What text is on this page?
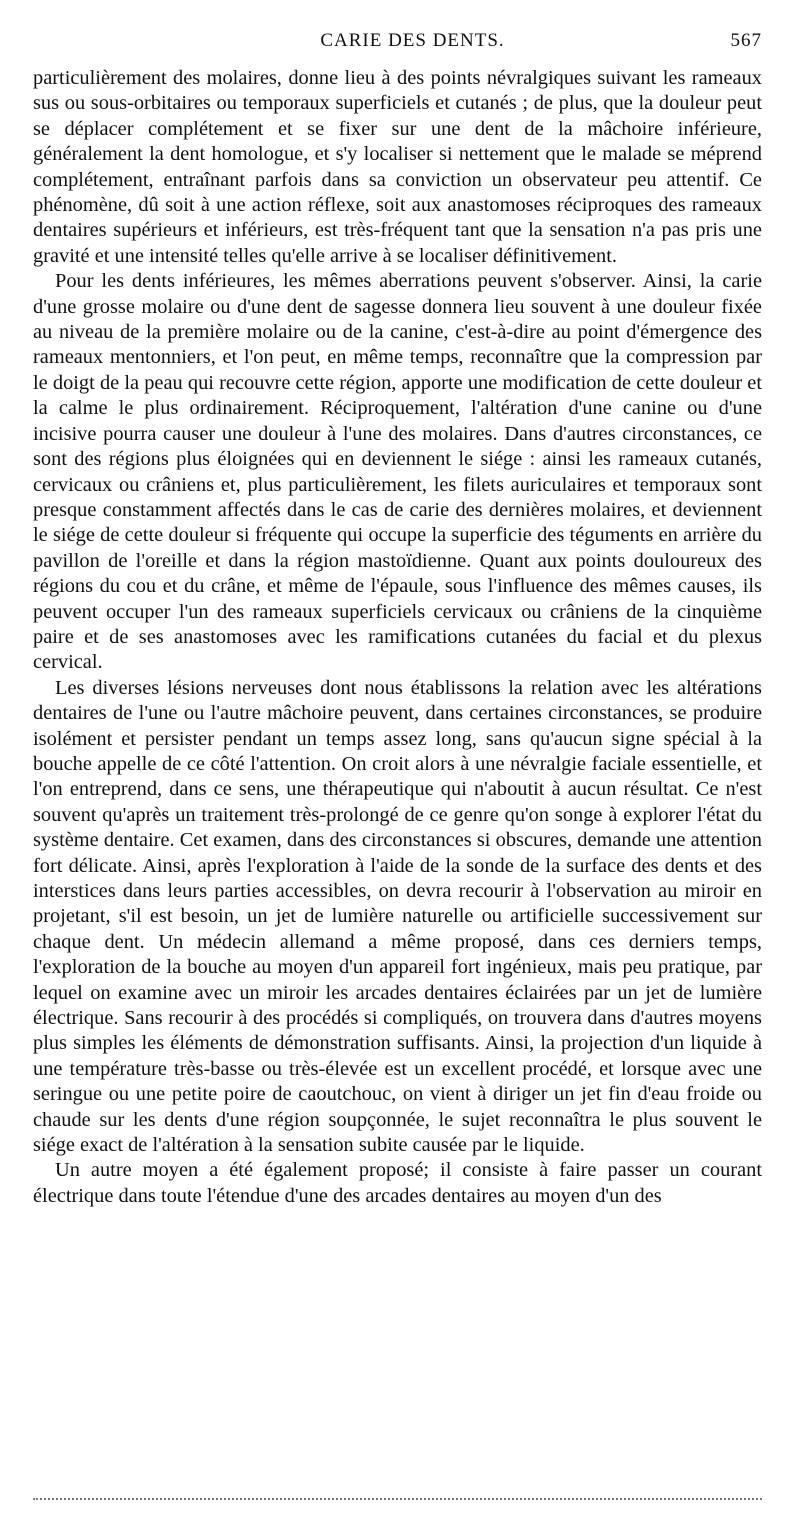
CARIE DES DENTS.	567

particulièrement des molaires, donne lieu à des points névralgiques suivant les rameaux sus ou sous-orbitaires ou temporaux superficiels et cutanés ; de plus, que la douleur peut se déplacer complétement et se fixer sur une dent de la mâchoire inférieure, généralement la dent homologue, et s'y localiser si nettement que le malade se méprend complétement, entraînant parfois dans sa conviction un observateur peu attentif. Ce phénomène, dû soit à une action réflexe, soit aux anastomoses réciproques des rameaux dentaires supérieurs et inférieurs, est très-fréquent tant que la sensation n'a pas pris une gravité et une intensité telles qu'elle arrive à se localiser définitivement.

Pour les dents inférieures, les mêmes aberrations peuvent s'observer. Ainsi, la carie d'une grosse molaire ou d'une dent de sagesse donnera lieu souvent à une douleur fixée au niveau de la première molaire ou de la canine, c'est-à-dire au point d'émergence des rameaux mentonniers, et l'on peut, en même temps, reconnaître que la compression par le doigt de la peau qui recouvre cette région, apporte une modification de cette douleur et la calme le plus ordinairement. Réciproquement, l'altération d'une canine ou d'une incisive pourra causer une douleur à l'une des molaires. Dans d'autres circonstances, ce sont des régions plus éloignées qui en deviennent le siége : ainsi les rameaux cutanés, cervicaux ou crâniens et, plus particulièrement, les filets auriculaires et temporaux sont presque constamment affectés dans le cas de carie des dernières molaires, et deviennent le siége de cette douleur si fréquente qui occupe la superficie des téguments en arrière du pavillon de l'oreille et dans la région mastoïdienne. Quant aux points douloureux des régions du cou et du crâne, et même de l'épaule, sous l'influence des mêmes causes, ils peuvent occuper l'un des rameaux superficiels cervicaux ou crâniens de la cinquième paire et de ses anastomoses avec les ramifications cutanées du facial et du plexus cervical.

Les diverses lésions nerveuses dont nous établissons la relation avec les altérations dentaires de l'une ou l'autre mâchoire peuvent, dans certaines circonstances, se produire isolément et persister pendant un temps assez long, sans qu'aucun signe spécial à la bouche appelle de ce côté l'attention. On croit alors à une névralgie faciale essentielle, et l'on entreprend, dans ce sens, une thérapeutique qui n'aboutit à aucun résultat. Ce n'est souvent qu'après un traitement très-prolongé de ce genre qu'on songe à explorer l'état du système dentaire. Cet examen, dans des circonstances si obscures, demande une attention fort délicate. Ainsi, après l'exploration à l'aide de la sonde de la surface des dents et des interstices dans leurs parties accessibles, on devra recourir à l'observation au miroir en projetant, s'il est besoin, un jet de lumière naturelle ou artificielle successivement sur chaque dent. Un médecin allemand a même proposé, dans ces derniers temps, l'exploration de la bouche au moyen d'un appareil fort ingénieux, mais peu pratique, par lequel on examine avec un miroir les arcades dentaires éclairées par un jet de lumière électrique. Sans recourir à des procédés si compliqués, on trouvera dans d'autres moyens plus simples les éléments de démonstration suffisants. Ainsi, la projection d'un liquide à une température très-basse ou très-élevée est un excellent procédé, et lorsque avec une seringue ou une petite poire de caoutchouc, on vient à diriger un jet fin d'eau froide ou chaude sur les dents d'une région soupçonnée, le sujet reconnaîtra le plus souvent le siége exact de l'altération à la sensation subite causée par le liquide.

Un autre moyen a été également proposé; il consiste à faire passer un courant électrique dans toute l'étendue d'une des arcades dentaires au moyen d'un des
